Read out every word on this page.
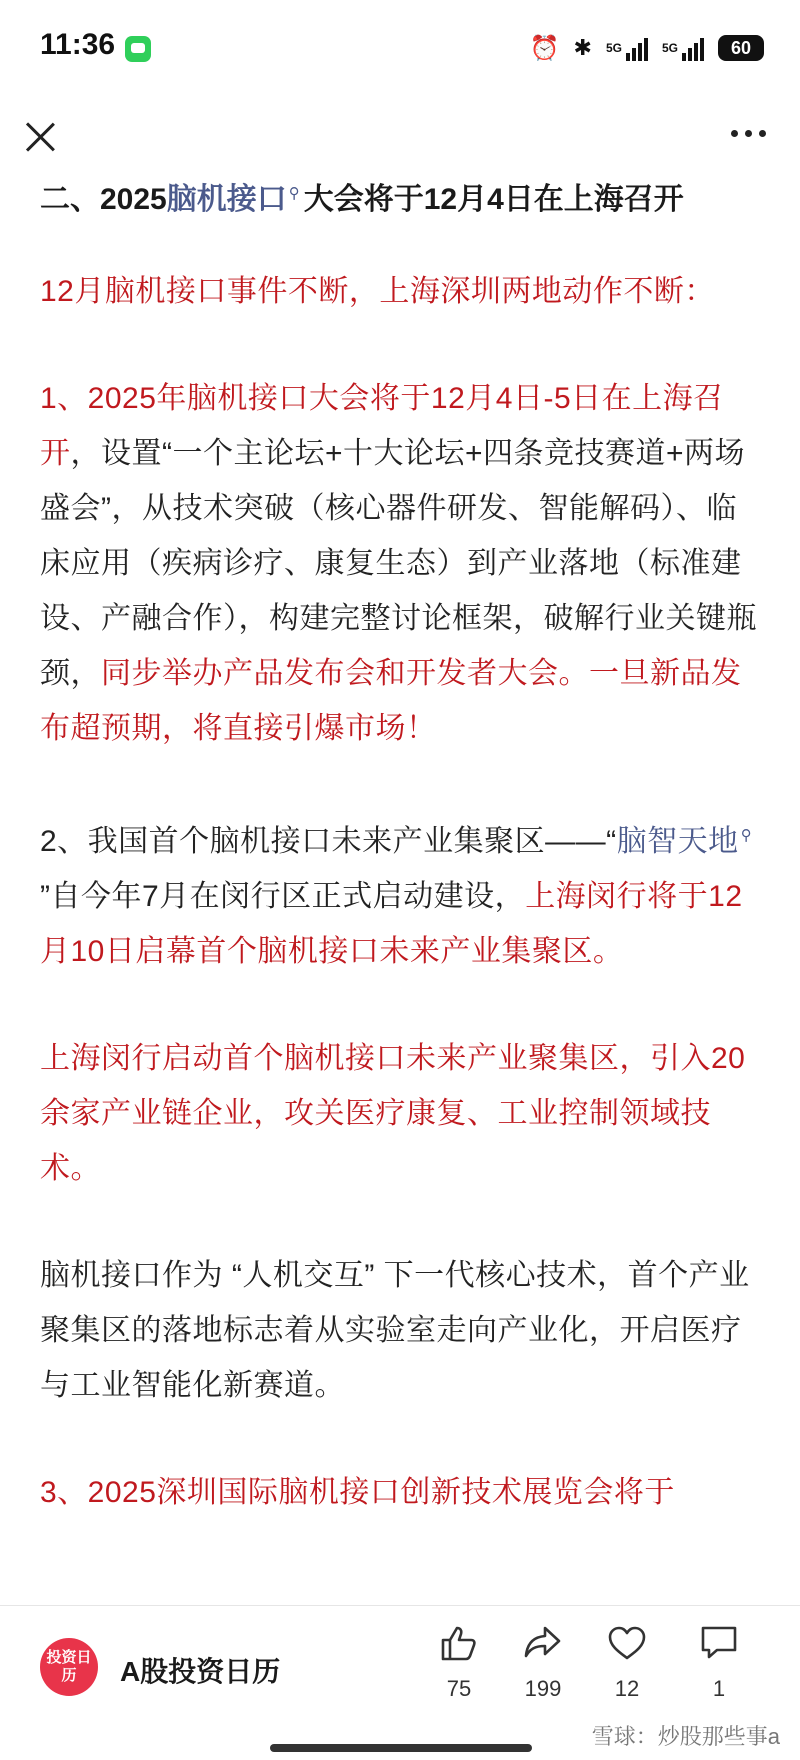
11:36	⏰ ✱ 5G	5G	60
二、2025脑机接口 ⚲ 大会将于12月4日在上海召开

12月脑机接口事件不断，上海深圳两地动作不断：

1、2025年脑机接口大会将于12月4日-5日在上海召开，设置“一个主论坛+十大论坛+四条竞技赛道+两场盛会”，从技术突破（核心器件研发、智能解码）、临床应用（疾病诊疗、康复生态）到产业落地（标准建设、产融合作），构建完整讨论框架，破解行业关键瓶颈，同步举办产品发布会和开发者大会。一旦新品发布超预期，将直接引爆市场！

2、我国首个脑机接口未来产业集聚区——“脑智天地 ⚲”自今年7月在闵行区正式启动建设，上海闵行将于12月10日启幕首个脑机接口未来产业集聚区。

上海闵行启动首个脑机接口未来产业聚集区，引入20余家产业链企业，攻关医疗康复、工业控制领域技术。

脑机接口作为 “人机交互” 下一代核心技术，首个产业聚集区的落地标志着从实验室走向产业化，开启医疗与工业智能化新赛道。

3、2025深圳国际脑机接口创新技术展览会将于

投资日历	A股投资日历
75	199	12	1
雪球：炒股那些事a
